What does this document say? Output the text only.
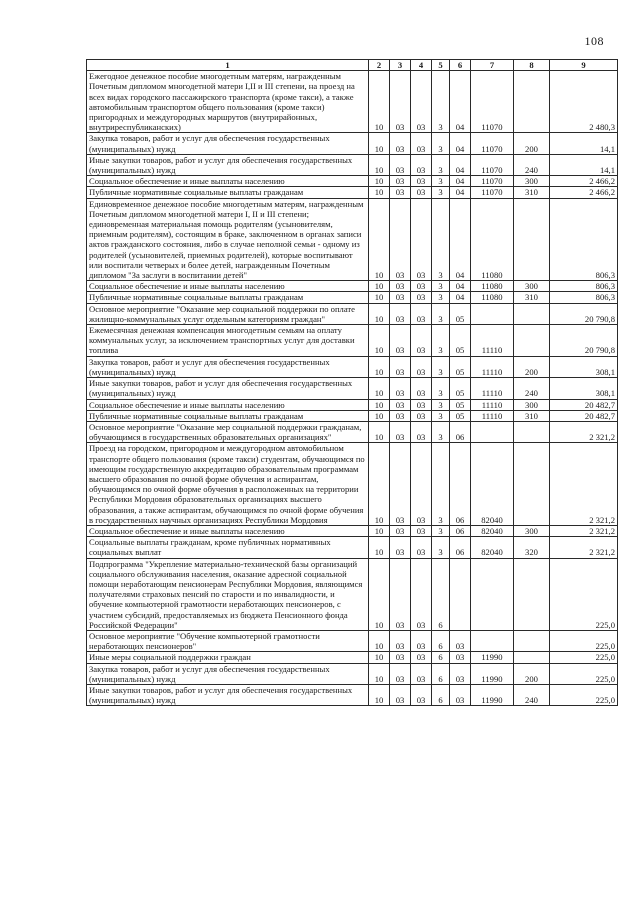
108
1	2	3	4	5	6	7	8	9
Ежегодное денежное пособие многодетным матерям, награжденным Почетным дипломом многодетной матери I,II и III степени, на проезд на всех видах городского пассажирского транспорта (кроме такси), а также автомобильным транспортом общего пользования (кроме такси) пригородных и междугородных маршрутов (внутрирайонных, внутриреспубликанских)	10	03	03	3	04	11070		2 480,3
Закупка товаров, работ и услуг для обеспечения государственных (муниципальных) нужд	10	03	03	3	04	11070	200	14,1
Иные закупки товаров, работ и услуг для обеспечения государственных (муниципальных) нужд	10	03	03	3	04	11070	240	14,1
Социальное обеспечение и иные выплаты населению	10	03	03	3	04	11070	300	2 466,2
Публичные нормативные социальные выплаты гражданам	10	03	03	3	04	11070	310	2 466,2
Единовременное денежное пособие многодетным матерям, награжденным Почетным дипломом многодетной матери I, II и III степени; единовременная материальная помощь родителям (усыновителям, приемным родителям), состоящим в браке, заключенном в органах записи актов гражданского состояния, либо в случае неполной семьи - одному из родителей (усыновителей, приемных родителей), которые воспитывают или воспитали четверых и более детей, награжденным Почетным дипломом "За заслуги в воспитании детей"	10	03	03	3	04	11080		806,3
Социальное обеспечение и иные выплаты населению	10	03	03	3	04	11080	300	806,3
Публичные нормативные социальные выплаты гражданам	10	03	03	3	04	11080	310	806,3
Основное мероприятие "Оказание мер социальной поддержки по оплате жилищно-коммунальных услуг отдельным категориям граждан"	10	03	03	3	05			20 790,8
Ежемесячная денежная компенсация многодетным семьям на оплату коммунальных услуг, за исключением транспортных услуг для доставки топлива	10	03	03	3	05	11110		20 790,8
Закупка товаров, работ и услуг для обеспечения государственных (муниципальных) нужд	10	03	03	3	05	11110	200	308,1
Иные закупки товаров, работ и услуг для обеспечения государственных (муниципальных) нужд	10	03	03	3	05	11110	240	308,1
Социальное обеспечение и иные выплаты населению	10	03	03	3	05	11110	300	20 482,7
Публичные нормативные социальные выплаты гражданам	10	03	03	3	05	11110	310	20 482,7
Основное мероприятие "Оказание мер социальной поддержки гражданам, обучающимся в государственных образовательных организациях"	10	03	03	3	06			2 321,2
Проезд на городском, пригородном и междугородном автомобильном транспорте общего пользования (кроме такси) студентам, обучающимся по имеющим государственную аккредитацию образовательным программам высшего образования по очной форме обучения и аспирантам, обучающимся по очной форме обучения в расположенных на территории Республики Мордовия образовательных организациях высшего образования, а также аспирантам, обучающимся по очной форме обучения в государственных научных организациях Республики Мордовия	10	03	03	3	06	82040		2 321,2
Социальное обеспечение и иные выплаты населению	10	03	03	3	06	82040	300	2 321,2
Социальные выплаты гражданам, кроме публичных нормативных социальных выплат	10	03	03	3	06	82040	320	2 321,2
Подпрограмма "Укрепление материально-технической базы организаций социального обслуживания населения, оказание адресной социальной помощи неработающим пенсионерам Республики Мордовия, являющимся получателями страховых пенсий по старости и по инвалидности, и обучение компьютерной грамотности неработающих пенсионеров, с участием субсидий, предоставляемых из бюджета Пенсионного фонда Российской Федерации"	10	03	03	6				225,0
Основное мероприятие "Обучение компьютерной грамотности неработающих пенсионеров"	10	03	03	6	03			225,0
Иные меры социальной поддержки граждан	10	03	03	6	03	11990		225,0
Закупка товаров, работ и услуг для обеспечения государственных (муниципальных) нужд	10	03	03	6	03	11990	200	225,0
Иные закупки товаров, работ и услуг для обеспечения государственных (муниципальных) нужд	10	03	03	6	03	11990	240	225,0
